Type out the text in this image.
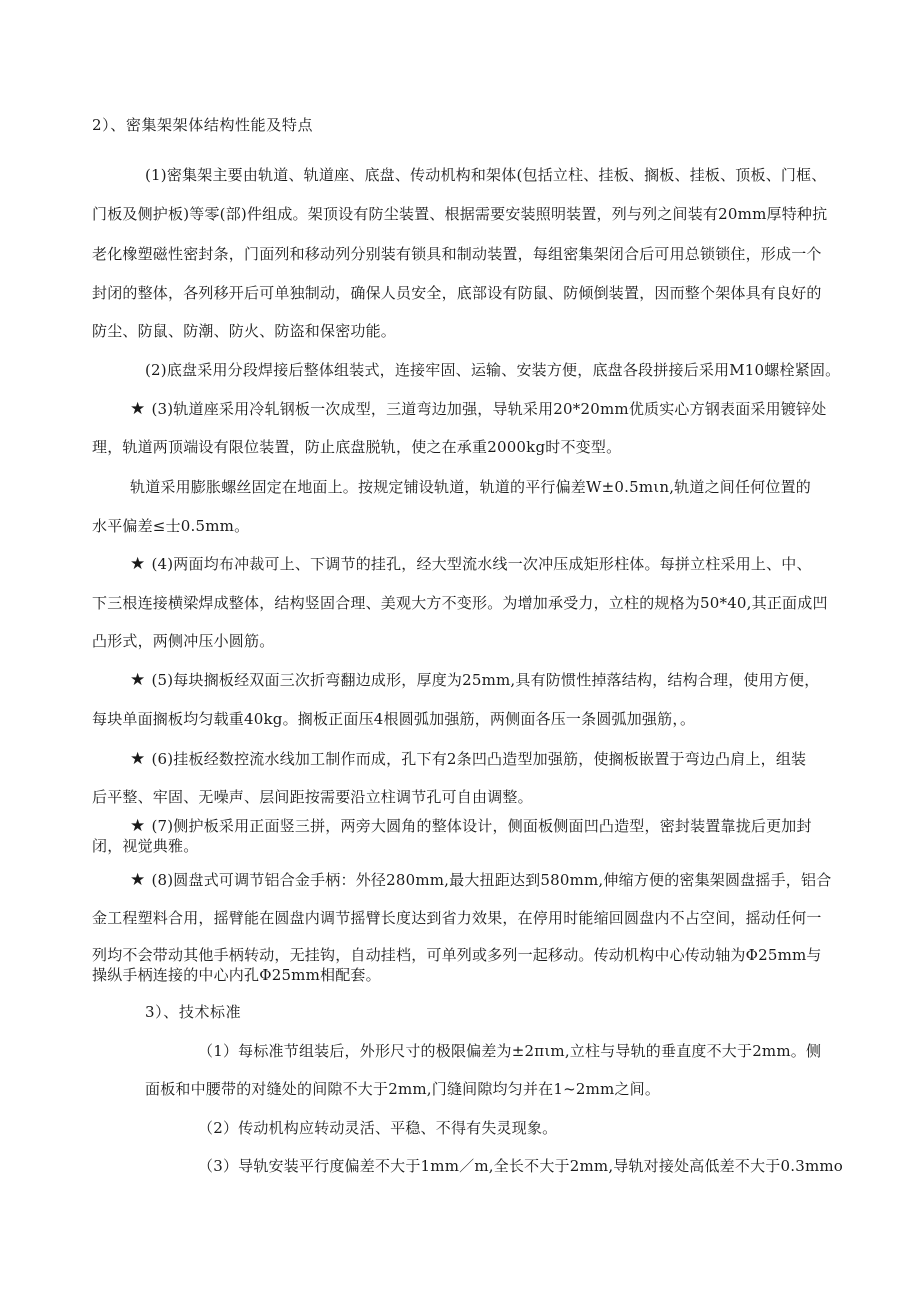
2）、密集架架体结构性能及特点
(1)密集架主要由轨道、轨道座、底盘、传动机构和架体(包括立柱、挂板、搁板、挂板、顶板、门框、
门板及侧护板)等零(部)件组成。架顶设有防尘装置、根据需要安装照明装置，列与列之间装有20mm厚特种抗
老化橡塑磁性密封条，门面列和移动列分别装有锁具和制动装置，每组密集架闭合后可用总锁锁住，形成一个
封闭的整体，各列移开后可单独制动，确保人员安全，底部设有防鼠、防倾倒装置，因而整个架体具有良好的
防尘、防鼠、防潮、防火、防盗和保密功能。
(2)底盘采用分段焊接后整体组装式，连接牢固、运输、安装方便，底盘各段拼接后采用M10螺栓紧固。
★ (3)轨道座采用冷轧钢板一次成型，三道弯边加强，导轨采用20*20mm优质实心方钢表面采用镀锌处
理，轨道两顶端设有限位装置，防止底盘脱轨，使之在承重2000kg时不变型。
轨道采用膨胀螺丝固定在地面上。按规定铺设轨道，轨道的平行偏差W±0.5mιn,轨道之间任何位置的
水平偏差≤士0.5mm。
★ (4)两面均布冲裁可上、下调节的挂孔，经大型流水线一次冲压成矩形柱体。每拼立柱采用上、中、
下三根连接横梁焊成整体，结构竖固合理、美观大方不变形。为增加承受力，立柱的规格为50*40,其正面成凹
凸形式，两侧冲压小圆筋。
★ (5)每块搁板经双面三次折弯翻边成形，厚度为25mm,具有防惯性掉落结构，结构合理，使用方便，
每块单面搁板均匀载重40kg。搁板正面压4根圆弧加强筋，两侧面各压一条圆弧加强筋，。
★ (6)挂板经数控流水线加工制作而成，孔下有2条凹凸造型加强筋，使搁板嵌置于弯边凸肩上，组装
后平整、牢固、无噪声、层间距按需要沿立柱调节孔可自由调整。
★ (7)侧护板采用正面竖三拼，两旁大圆角的整体设计，侧面板侧面凹凸造型，密封装置靠拢后更加封
闭，视觉典雅。
★ (8)圆盘式可调节铝合金手柄：外径280mm,最大扭距达到580mm,伸缩方便的密集架圆盘摇手，铝合
金工程塑料合用，摇臂能在圆盘内调节摇臂长度达到省力效果，在停用时能缩回圆盘内不占空间，摇动任何一
列均不会带动其他手柄转动，无挂钩，自动挂档，可单列或多列一起移动。传动机构中心传动轴为Φ25mm与
操纵手柄连接的中心内孔Φ25mm相配套。
3）、技术标准
（1）每标准节组装后，外形尺寸的极限偏差为±2πιm,立柱与导轨的垂直度不大于2mm。侧
面板和中腰带的对缝处的间隙不大于2mm,门缝间隙均匀并在1~2mm之间。
（2）传动机构应转动灵活、平稳、不得有失灵现象。
（3）导轨安装平行度偏差不大于1mm／m,全长不大于2mm,导轨对接处高低差不大于0.3mmo
